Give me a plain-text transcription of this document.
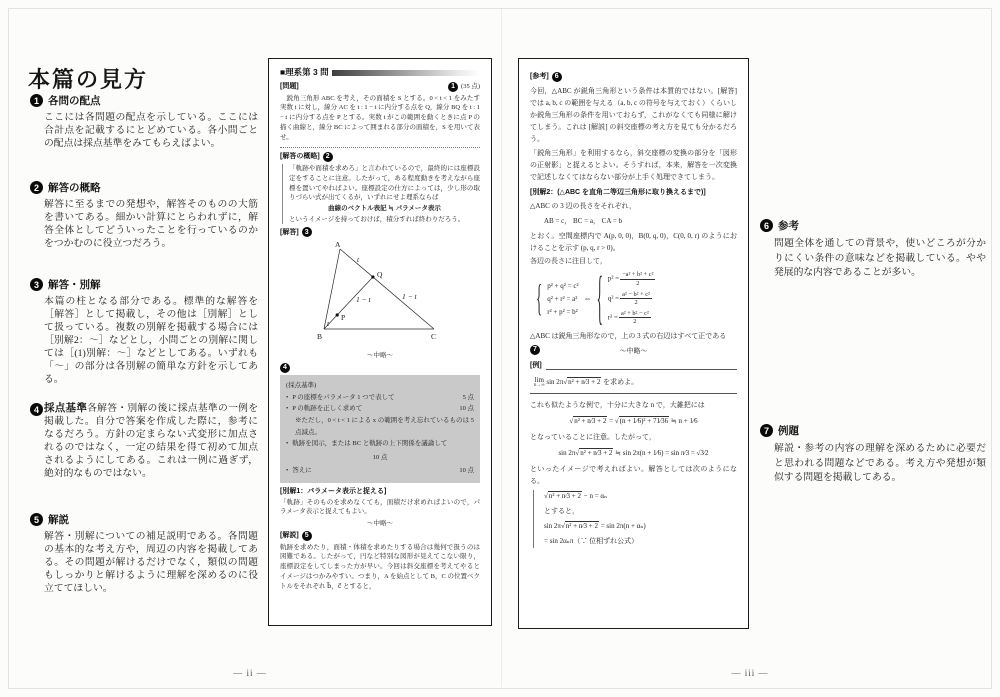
本篇の見方
1 各問の配点
ここには各問題の配点を示している。ここには合計点を記載するにとどめている。各小問ごとの配点は採点基準をみてもらえばよい。
2 解答の概略
解答に至るまでの発想や，解答そのものの大筋を書いてある。細かい計算にとらわれずに，解答全体としてどういったことを行っているのかをつかむのに役立つだろう。
3 解答・別解
本篇の柱となる部分である。標準的な解答を［解答］として掲載し，その他は［別解］として扱っている。複数の別解を掲載する場合には［別解2：〜］などとし，小問ごとの別解に関しては［(1)別解：〜］などとしてある。いずれも「〜」の部分は各別解の簡単な方針を示してある。
4 採点基準各解答・別解の後に採点基準の一例を掲載した。自分で答案を作成した際に，参考になるだろう。方針の定まらない式変形に加点されるのではなく，一定の結果を得て初めて加点されるようにしてある。これは一例に過ぎず，絶対的なものではない。

5 解説
解答・別解についての補足説明である。各問題の基本的な考え方や，周辺の内容を掲載してある。その問題が解けるだけでなく，類似の問題もしっかりと解けるように理解を深めるのに役立ててほしい。
■理系第 3 問
[問題]	1 (35 点)

鋭角三角形 ABC を考え，その面積を S とする。0 < t < 1 をみたす実数 t に対し，線分 AC を t : 1 − t に内分する点を Q，線分 BQ を t : 1 − t に内分する点を P とする。実数 t がこの範囲を動くときに点 P の描く曲線と，線分 BC によって囲まれる部分の面積を，S を用いて表せ。

[解答の概略] 2

「軌跡や面積を求めろ」と言われているので，最終的には座標設定をすることに注意。したがって，ある程度動きを考えながら座標を置いてやればよい。座標設定の仕方によっては，少し形の取りづらい式が出てくるが，いずれにせよ理系ならば

曲線のベクトル表記 ≒ パラメータ表示

というイメージを持っておけば，積分すれば終わりだろう。

[解答] 3
A
B	C
Q
P
t
1 − t	1 − t
t
〜中略〜
4
(採点基準)
• P の座標をパラメータ 1 つで表して	5 点
• P の軌跡を正しく求めて	10 点
※ただし，0 < t < 1 による x の範囲を考え忘れているものは 5 点減点。
• 軌跡を図示，または BC と軌跡の上下関係を議論して
10 点
• 答えに	10 点
[別解1：パラメータ表示と捉える]

「軌跡」そのものを求めなくても，面積だけ求めればよいので，パラメータ表示と捉えてもよい。

〜中略〜
[解説] 5

軌跡を求めたり，面積・体積を求めたりする場合は幾何で扱うのは困難である。したがって，円など特別な図形が見えてこない限り，座標設定をしてしまった方が早い。今回は斜交座標を考えてやるとイメージはつかみやすい。つまり，A を始点として B，C の位置ベクトルをそれぞれ b⃗，c⃗ とすると，

[参考] 6

今回，△ABC が鋭角三角形という条件は本質的ではない。[解答] では a, b, c の範囲を与える（a, b, c の符号を与えておく）くらいしか鋭角三角形の条件を用いておらず，これがなくても同様に解けてしまう。これは [解説] の斜交座標の考え方を見ても分かるだろう。

「鋭角三角形」を利用するなら，斜交座標の変換の部分を「図形の正射影」と捉えるとよい。そうすれば，本来，解答を一次変換で記述しなくてはならない部分が上手く処理できてしまう。

[別解2：(△ABC を直角二等辺三角形に取り換えるまで)]

△ABC の 3 辺の長さをそれぞれ，

AB = c， BC = a， CA = b

とおく。空間座標内で A(p, 0, 0)，B(0, q, 0)，C(0, 0, r) のようにおけることを示す (p, q, r > 0)。

各辺の長さに注目して，

{ p² + q² = c²
q² + r² = a²
r² + p² = b²
⇔ { $p^2 = \frac{\text{−a² + b² + c²}}{2}$
$q^2 = \frac{\text{a² − b² + c²}}{2}$
$r^2 = \frac{\text{a² + b² − c²}}{2}$

△ABC は鋭角三角形なので，上の 3 式の右辺はすべて正である

7	〜中略〜
[例]
lim
n→∞ sin 2π√n² + n⁄3 + 2 を求めよ。

これも似たような例で，十分に大きな n で，大雑把には

√n² + n⁄3 + 2 = √(n + 1⁄6)² + 71⁄36 ≒ n + 1⁄6

となっていることに注意。したがって，

sin 2π√n² + n⁄3 + 2 ≒ sin 2π(n + 1⁄6) = sin π⁄3 = √3⁄2

といったイメージで考えればよい。解答としては次のようになる。

√n² + n⁄3 + 2 − n = αₙ
とすると，
sin 2π√n² + n⁄3 + 2 = sin 2π(n + αₙ)
= sin 2αₙπ（∵ 位相ずれ公式）
6 参考
問題全体を通しての背景や，使いどころが分かりにくい条件の意味などを掲載している。やや発展的な内容であることが多い。
7 例題
解説・参考の内容の理解を深めるために必要だと思われる問題などである。考え方や発想が類似する問題を掲載してある。
— ii —	— iii —
